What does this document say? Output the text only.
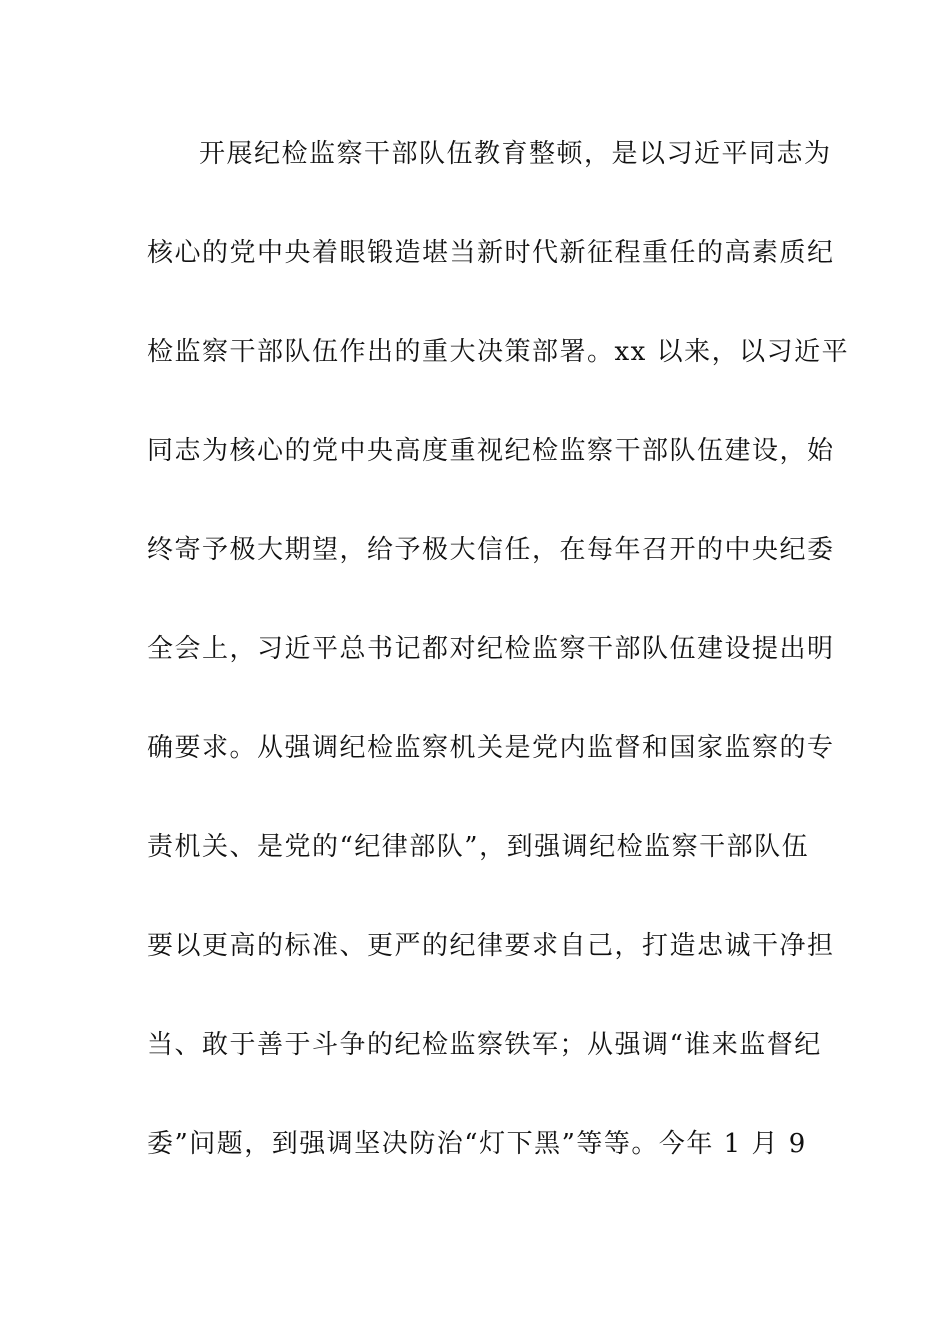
开展纪检监察干部队伍教育整顿，是以习近平同志为
核心的党中央着眼锻造堪当新时代新征程重任的高素质纪
检监察干部队伍作出的重大决策部署。xx 以来，以习近平
同志为核心的党中央高度重视纪检监察干部队伍建设，始
终寄予极大期望，给予极大信任，在每年召开的中央纪委
全会上，习近平总书记都对纪检监察干部队伍建设提出明
确要求。从强调纪检监察机关是党内监督和国家监察的专
责机关、是党的“纪律部队”，到强调纪检监察干部队伍
要以更高的标准、更严的纪律要求自己，打造忠诚干净担
当、敢于善于斗争的纪检监察铁军；从强调“谁来监督纪
委”问题，到强调坚决防治“灯下黑”等等。今年 1 月 9
